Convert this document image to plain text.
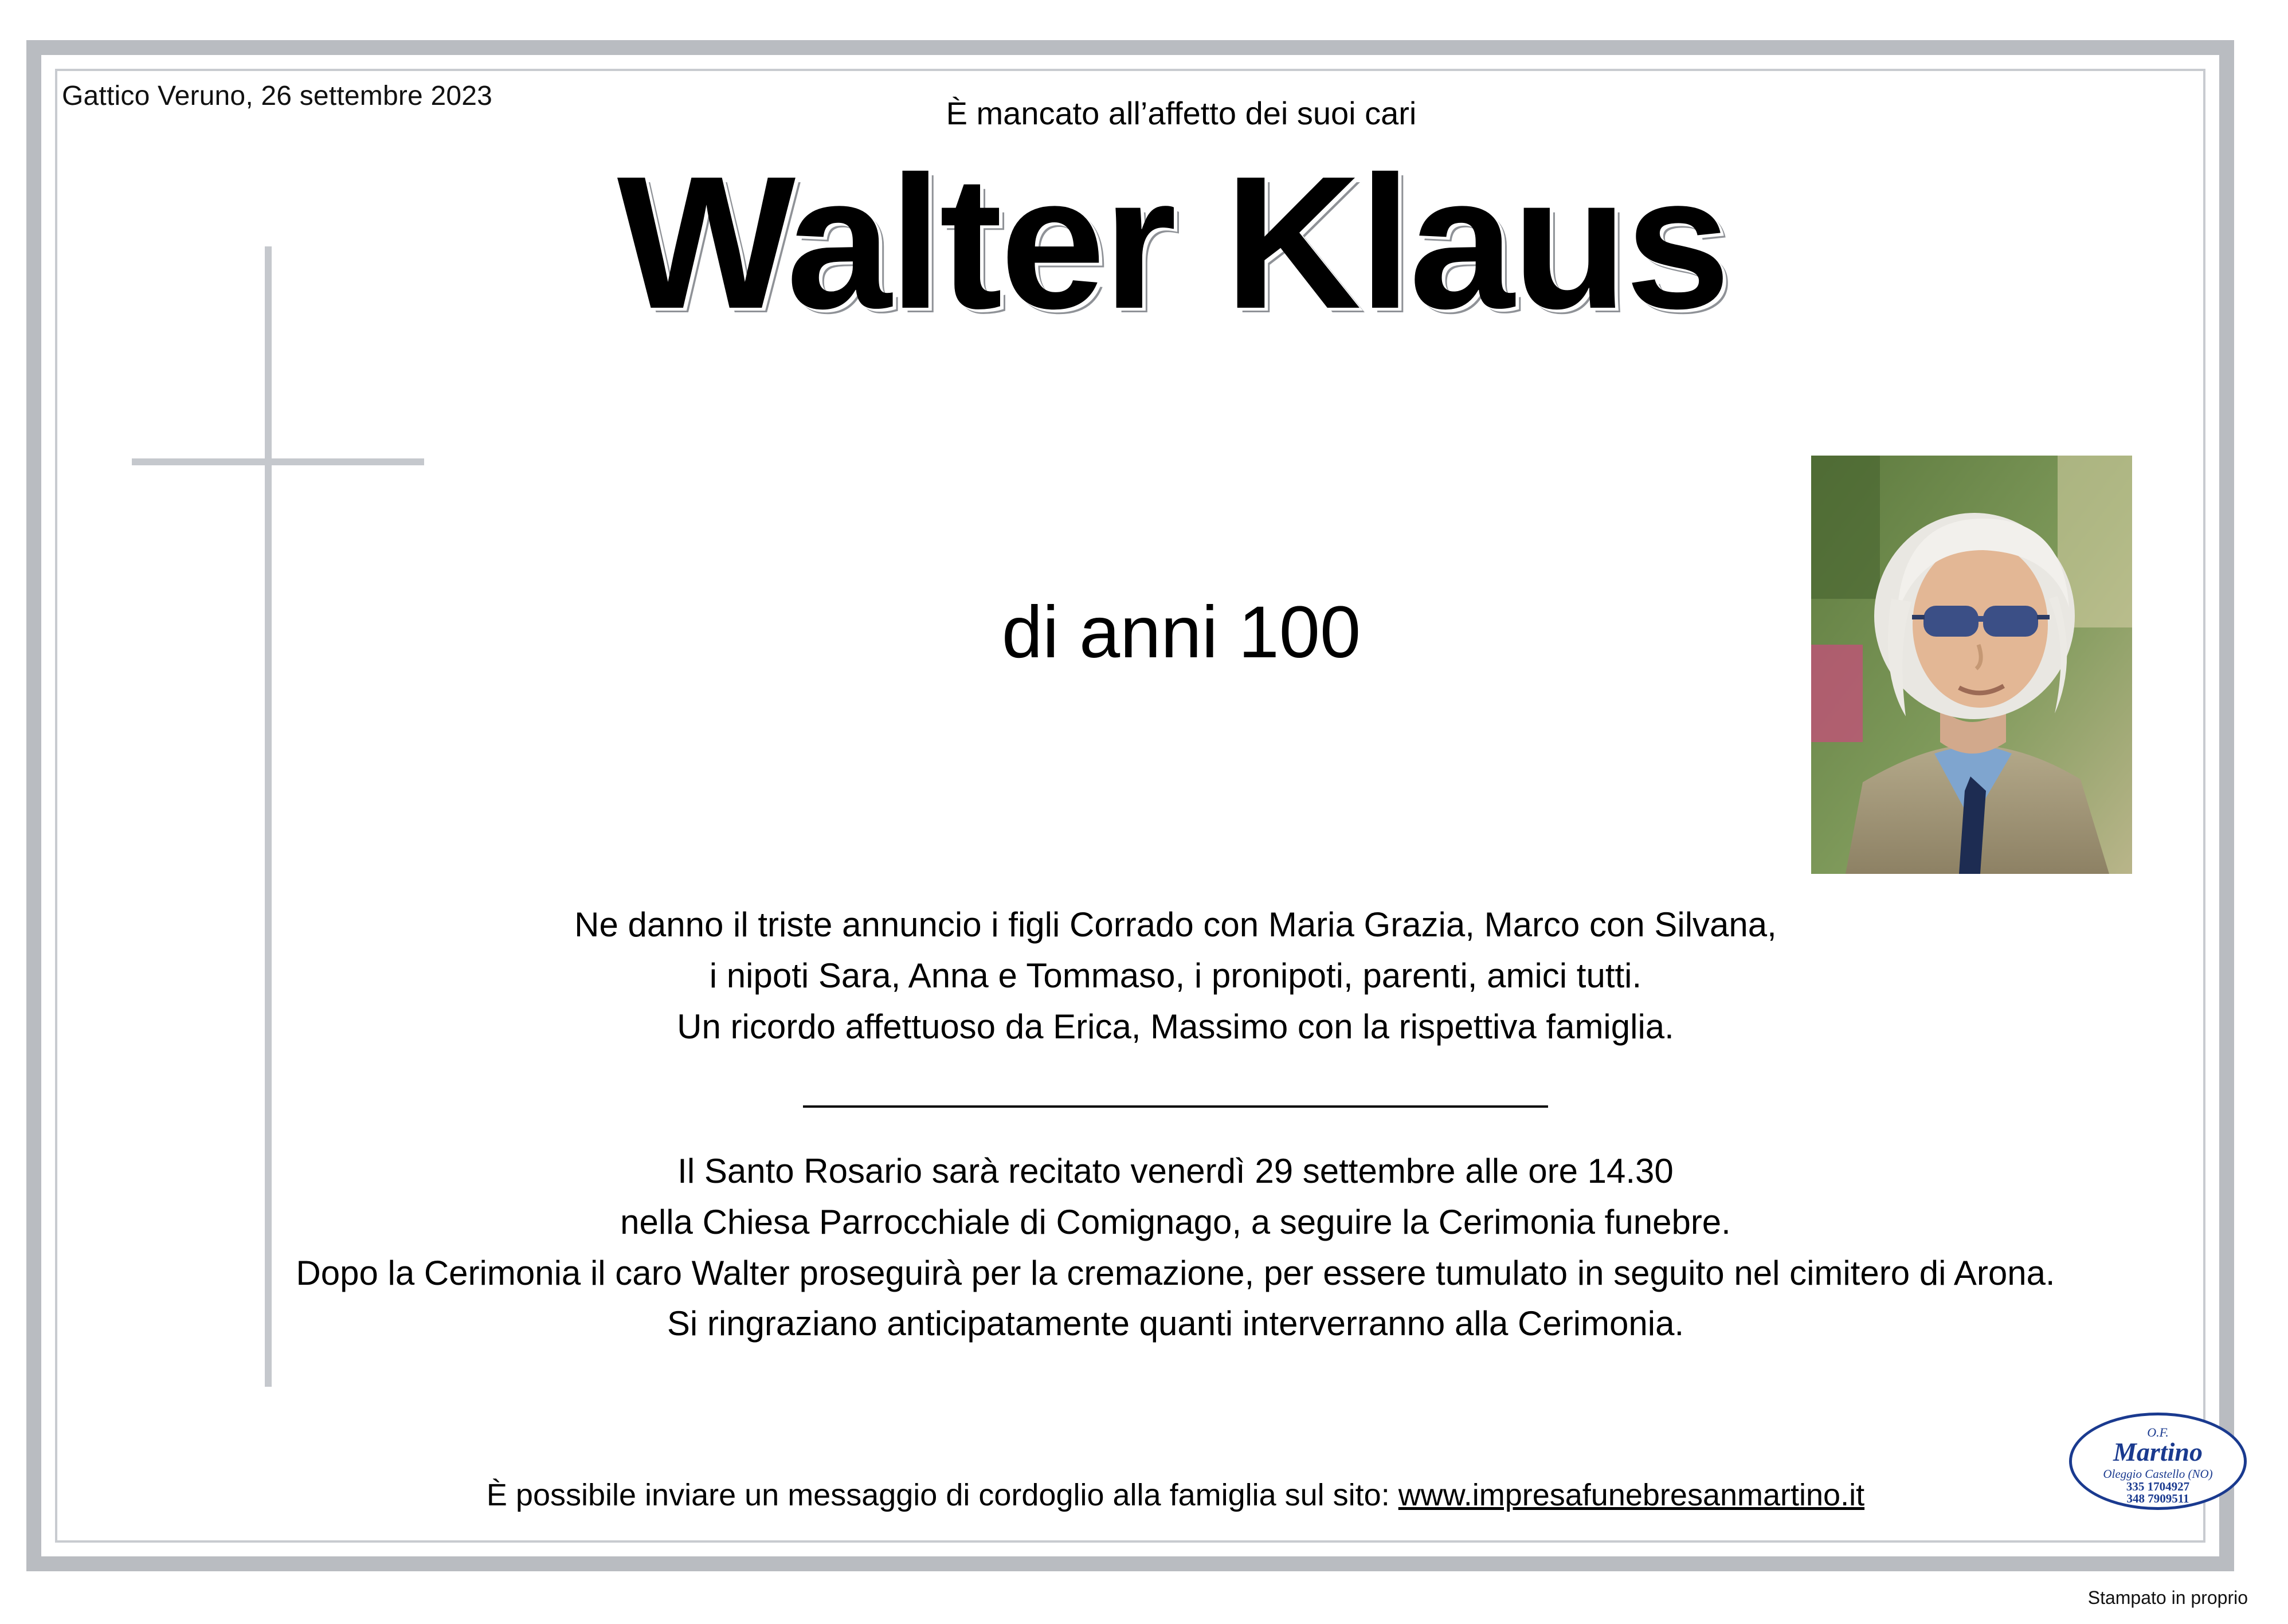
Gattico Veruno, 26 settembre 2023	È mancato all’affetto dei suoi cari
Walter Klaus
di anni 100
Ne danno il triste annuncio i figli Corrado con Maria Grazia, Marco con Silvana,
i nipoti Sara, Anna e Tommaso, i pronipoti, parenti, amici tutti.
Un ricordo affettuoso da Erica, Massimo con la rispettiva famiglia.
Il Santo Rosario sarà recitato venerdì 29 settembre alle ore 14.30
nella Chiesa Parrocchiale di Comignago, a seguire la Cerimonia funebre.
Dopo la Cerimonia il caro Walter proseguirà per la cremazione, per essere tumulato in seguito nel cimitero di Arona.
Si ringraziano anticipatamente quanti interverranno alla Cerimonia.
È possibile inviare un messaggio di cordoglio alla famiglia sul sito: www.impresafunebresanmartino.it
O.F.
Martino
Oleggio Castello (NO)
335 1704927
348 7909511
Stampato in proprio
